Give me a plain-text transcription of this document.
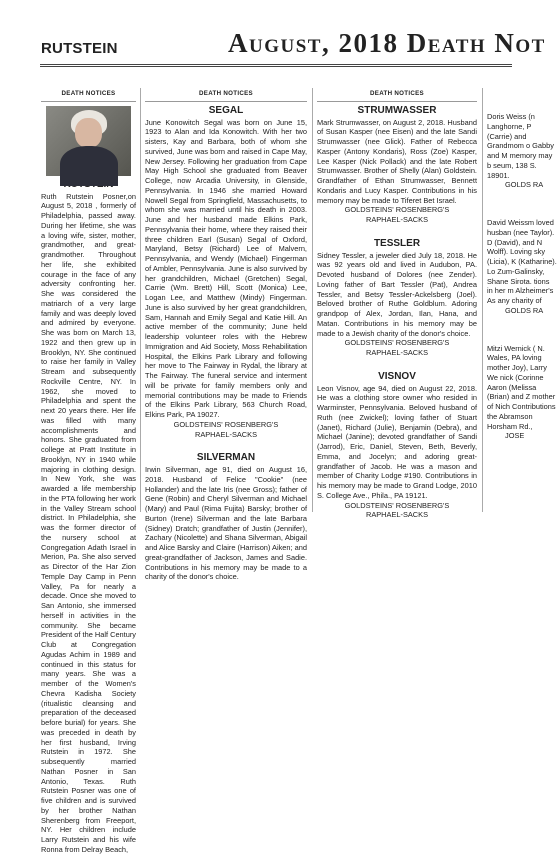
RUTSTEIN	August, 2018 Death Not
DEATH NOTICES

Ruth Rutstein Posner,on August 5, 2018 , formerly of Philadelphia, passed away. During her lifetime, she was a loving wife, sister, mother, grandmother, and great-grandmother. Throughout her life, she exhibited courage in the face of any adversity confronting her. She was considered the matriarch of a very large family and was deeply loved and admired by everyone. She was born on March 13, 1922 and then grew up in Brooklyn, NY. She continued to raise her family in Valley Stream and subsequently Rockville Centre, NY. In 1962, she moved to Philadelphia and spent the next 20 years there. Her life was filled with many accomplishments and honors. She graduated from college at Pratt Institute in Brooklyn, NY in 1940 while majoring in clothing design. In New York, she was awarded a life membership in the PTA following her work in the Valley Stream school district. In Philadelphia, she was the former director of the nursery school at Congregation Adath Israel in Merion, Pa. She also served as Director of the Har Zion Temple Day Camp in Penn Valley, Pa for nearly a decade. Once she moved to San Antonio, she immersed herself in activities in the community. She became President of the Half Century Club at Congregation Agudas Achim in 1989 and continued in this status for many years. She was a member of the Women's Chevra Kadisha Society (ritualistic cleansing and preparation of the deceased before burial) for years. She was preceded in death by her first husband, Irving Rutstein in 1972. She subsequently married Nathan Posner in San Antonio, Texas. Ruth Rutstein Posner was one of five children and is survived by her brother Nathan Sherenberg from Freeport, NY. Her children include Larry Rutstein and his wife Ronna from Delray Beach,

DEATH NOTICES
SEGAL

June Konowitch Segal was born on June 15, 1923 to Alan and Ida Konowitch. With her two sisters, Kay and Barbara, both of whom she survived, June was born and raised in Cape May, New Jersey. Following her graduation from Cape May High School she graduated from Beaver College, now Arcadia University, in Glenside, Pennsylvania. In 1946 she married Howard Nowell Segal from Springfield, Massachusetts, to whom she was married until his death in 2003. June and her husband made Elkins Park, Pennsylvania their home, where they raised their three children Earl (Susan) Segal of Oxford, Maryland, Betsy (Richard) Lee of Malvern, Pennsylvania, and Wendy (Michael) Fingerman of Ambler, Pennsylvania. June is also survived by her grandchildren, Michael (Gretchen) Segal, Carrie (Wm. Brett) Hill, Scott (Monica) Lee, Logan Lee, and Matthew (Mindy) Fingerman. June is also survived by her great grandchildren, Sam, Hannah and Emily Segal and Katie Hill. An active member of the community; June held leadership volunteer roles with the Hebrew Immigration and Aid Society, Moss Rehabilitation Hospital, the Elkins Park Library and following her move to The Fairway in Rydal, the library at The Fairway. The funeral service and interment will be private for family members only and memorial contributions may be made to Friends of the Elkins Park Library, 563 Church Road, Elkins Park, PA 19027.

GOLDSTEINS' ROSENBERG'S

RAPHAEL-SACKS

SILVERMAN

Irwin Silverman, age 91, died on August 16, 2018. Husband of Felice "Cookie" (nee Hollander) and the late Iris (nee Gross); father of Gene (Robin) and Cheryl Silverman and Michael (Mary) and Paul (Rima Fujita) Barsky; brother of Burton (Irene) Silverman and the late Barbara (Sidney) Dratch; grandfather of Justin (Jennifer), Zachary (Nicolette) and Shana Silverman, Abigail and Alice Barsky and Claire (Harrison) Aiken; and great-grandfather of Jackson, James and Sadie. Contributions in his memory may be made to a charity of the donor's choice.

DEATH NOTICES
STRUMWASSER

Mark Strumwasser, on August 2, 2018. Husband of Susan Kasper (nee Eisen) and the late Sandi Strumwasser (nee Glick). Father of Rebecca Kasper (Antony Kondaris), Ross (Zoe) Kasper, Lee Kasper (Nick Pollack) and the late Robert Strumwasser. Brother of Shelly (Alan) Goldstein. Grandfather of Ethan Strumwasser, Bennett Kondaris and Lucy Kasper. Contributions in his memory may be made to Tiferet Bet Israel.

GOLDSTEINS' ROSENBERG'S

RAPHAEL-SACKS

TESSLER

Sidney Tessler, a jeweler died July 18, 2018. He was 92 years old and lived in Audubon, PA. Devoted husband of Dolores (nee Zender). Loving father of Bart Tessler (Pat), Andrea Tessler, and Betsy Tessler-Ackelsberg (Joel). Beloved brother of Ruthe Goldblum. Adoring grandpop of Alex, Jordan, Ilan, Hana, and Matan. Contributions in his memory may be made to a Jewish charity of the donor's choice.

GOLDSTEINS' ROSENBERG'S

RAPHAEL-SACKS

VISNOV

Leon Visnov, age 94, died on August 22, 2018. He was a clothing store owner who resided in Warminster, Pennsylvania. Beloved husband of Ruth (nee Zwickel); loving father of Stuart (Janet), Richard (Julie), Benjamin (Debra), and Michael (Janine); devoted grandfather of Sandi (Jarrod), Eric, Daniel, Steven, Beth, Beverly, Emma, and Jocelyn; and adoring great-grandfather of Jacob. He was a mason and member of Charity Lodge #190. Contributions in his memory may be made to Grand Lodge, 2010 S. College Ave., Phila., PA 19121.

GOLDSTEINS' ROSENBERG'S

RAPHAEL-SACKS

Doris Weiss (n Langhorne, P (Carrie) and Grandmom o Gabby and M memory may b seum, 138 S. 18901.

GOLDS RA

David Weissm loved husban (nee Taylor). D (David), and N Wolff). Loving sky (Licia), K (Katharine). Lo Zum-Galinsky, Shane Sirota. tions in her m Alzheimer's As any charity of

GOLDS RA

Mitzi Wernick ( N. Wales, PA loving mother Joy), Larry We nick (Corinne Aaron (Melissa (Brian) and Z mother of Nich Contributions the Abramson Horsham Rd.,

JOSE
